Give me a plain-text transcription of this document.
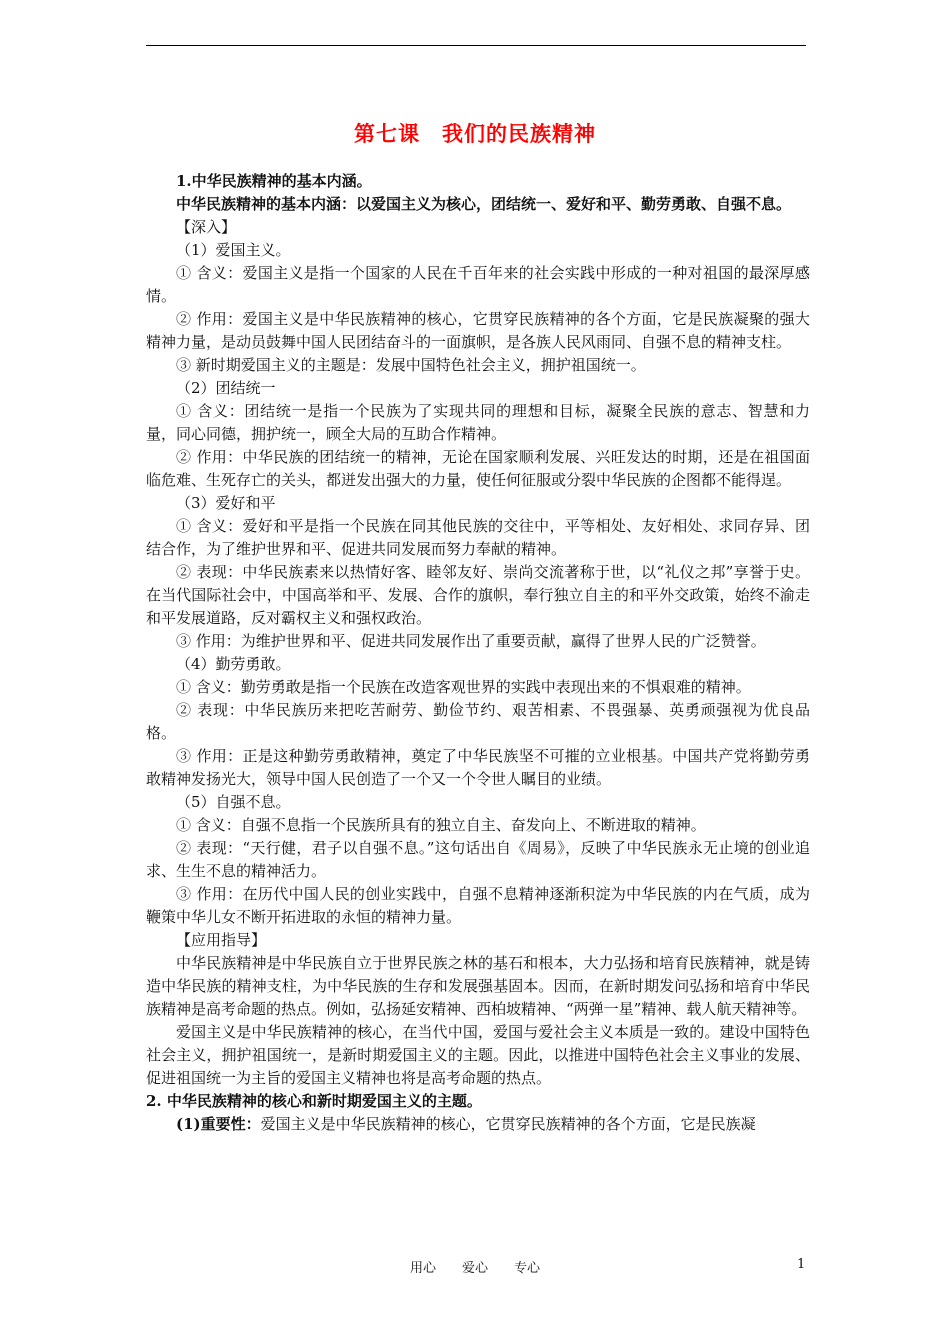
第七课　我们的民族精神

1.中华民族精神的基本内涵。

中华民族精神的基本内涵：以爱国主义为核心，团结统一、爱好和平、勤劳勇敢、自强不息。

【深入】

（1）爱国主义。

① 含义：爱国主义是指一个国家的人民在千百年来的社会实践中形成的一种对祖国的最深厚感情。

② 作用：爱国主义是中华民族精神的核心，它贯穿民族精神的各个方面，它是民族凝聚的强大精神力量，是动员鼓舞中国人民团结奋斗的一面旗帜，是各族人民风雨同、自强不息的精神支柱。

③ 新时期爱国主义的主题是：发展中国特色社会主义，拥护祖国统一。

（2）团结统一

① 含义：团结统一是指一个民族为了实现共同的理想和目标，凝聚全民族的意志、智慧和力量，同心同德，拥护统一，顾全大局的互助合作精神。

② 作用：中华民族的团结统一的精神，无论在国家顺利发展、兴旺发达的时期，还是在祖国面临危难、生死存亡的关头，都迸发出强大的力量，使任何征服或分裂中华民族的企图都不能得逞。

（3）爱好和平

① 含义：爱好和平是指一个民族在同其他民族的交往中，平等相处、友好相处、求同存异、团结合作，为了维护世界和平、促进共同发展而努力奉献的精神。

② 表现：中华民族素来以热情好客、睦邻友好、崇尚交流著称于世，以“礼仪之邦”享誉于史。在当代国际社会中，中国高举和平、发展、合作的旗帜，奉行独立自主的和平外交政策，始终不渝走和平发展道路，反对霸权主义和强权政治。

③ 作用：为维护世界和平、促进共同发展作出了重要贡献，赢得了世界人民的广泛赞誉。

（4）勤劳勇敢。

① 含义：勤劳勇敢是指一个民族在改造客观世界的实践中表现出来的不惧艰难的精神。

② 表现：中华民族历来把吃苦耐劳、勤俭节约、艰苦相素、不畏强暴、英勇顽强视为优良品格。

③ 作用：正是这种勤劳勇敢精神，奠定了中华民族坚不可摧的立业根基。中国共产党将勤劳勇敢精神发扬光大，领导中国人民创造了一个又一个令世人瞩目的业绩。

（5）自强不息。

① 含义：自强不息指一个民族所具有的独立自主、奋发向上、不断进取的精神。

② 表现：“天行健，君子以自强不息。”这句话出自《周易》，反映了中华民族永无止境的创业追求、生生不息的精神活力。

③ 作用：在历代中国人民的创业实践中，自强不息精神逐渐积淀为中华民族的内在气质，成为鞭策中华儿女不断开拓进取的永恒的精神力量。

【应用指导】

中华民族精神是中华民族自立于世界民族之林的基石和根本，大力弘扬和培育民族精神，就是铸造中华民族的精神支柱，为中华民族的生存和发展强基固本。因而，在新时期发问弘扬和培育中华民族精神是高考命题的热点。例如，弘扬延安精神、西柏坡精神、“两弹一星”精神、载人航天精神等。

爱国主义是中华民族精神的核心，在当代中国，爱国与爱社会主义本质是一致的。建设中国特色社会主义，拥护祖国统一，是新时期爱国主义的主题。因此，以推进中国特色社会主义事业的发展、促进祖国统一为主旨的爱国主义精神也将是高考命题的热点。

2. 中华民族精神的核心和新时期爱国主义的主题。

(1)重要性：爱国主义是中华民族精神的核心，它贯穿民族精神的各个方面，它是民族凝

用心　　爱心　　专心	1
